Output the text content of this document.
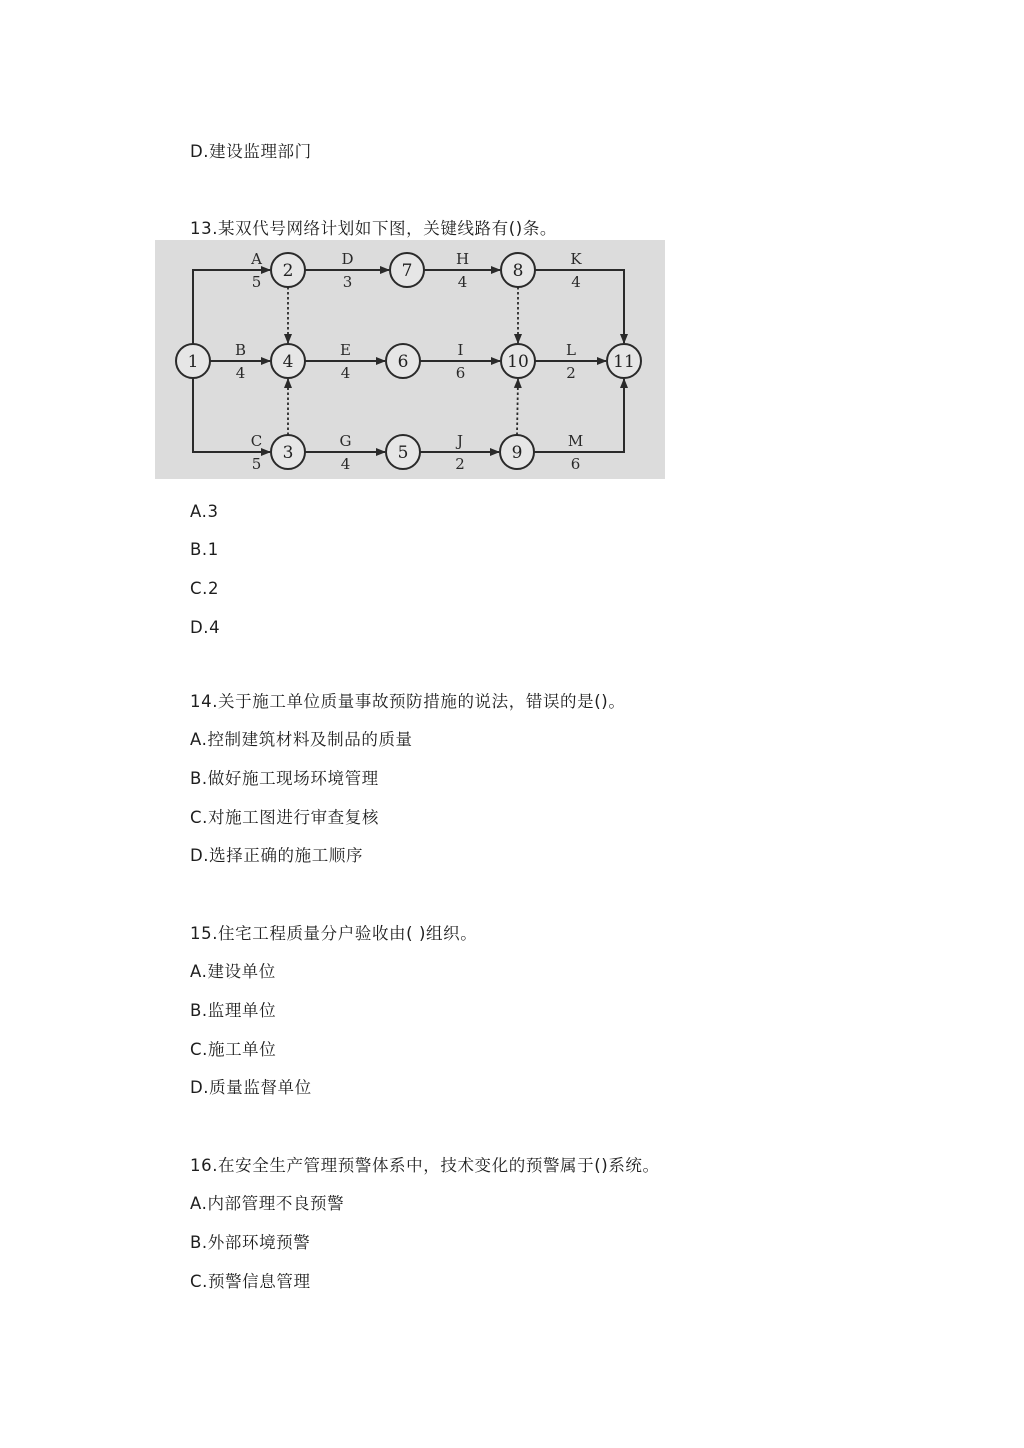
D.建设监理部门
13.某双代号网络计划如下图，关键线路有()条。
1
2
3
4
5
6
7	8
9
10	11
A
5
B
4
C
5
D
3
E
4
G
4
H
4
I
6
J
2
K
4
L
2
M
6
A.3
B.1
C.2
D.4
14.关于施工单位质量事故预防措施的说法，错误的是()。
A.控制建筑材料及制品的质量
B.做好施工现场环境管理
C.对施工图进行审查复核
D.选择正确的施工顺序
15.住宅工程质量分户验收由( )组织。
A.建设单位
B.监理单位
C.施工单位
D.质量监督单位
16.在安全生产管理预警体系中，技术变化的预警属于()系统。
A.内部管理不良预警
B.外部环境预警
C.预警信息管理
